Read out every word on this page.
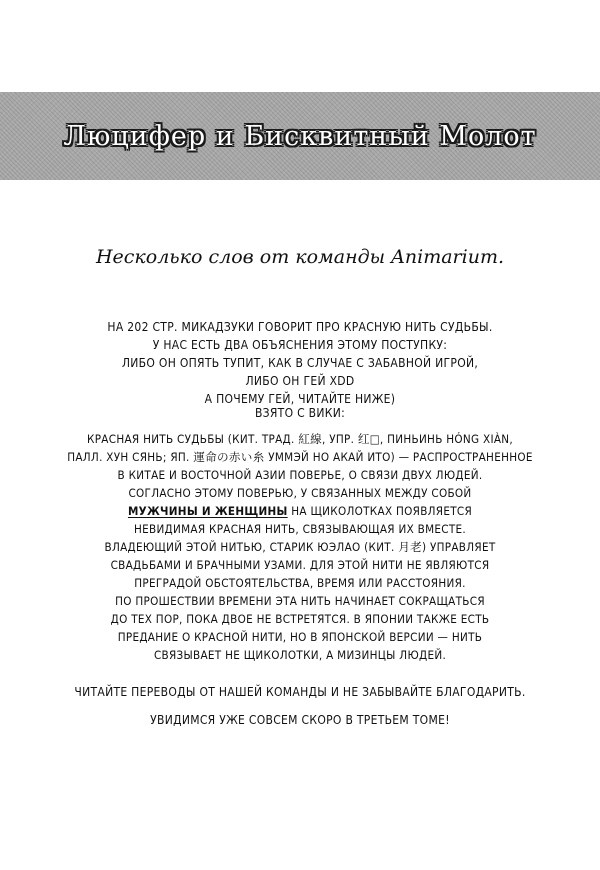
Люцифер и Бисквитный Молот
Несколько слов от команды Animarium.
НА 202 СТР. МИКАДЗУКИ ГОВОРИТ ПРО КРАСНУЮ НИТЬ СУДЬБЫ.
У НАС ЕСТЬ ДВА ОБЪЯСНЕНИЯ ЭТОМУ ПОСТУПКУ:
ЛИБО ОН ОПЯТЬ ТУПИТ, КАК В СЛУЧАЕ С ЗАБАВНОЙ ИГРОЙ,
ЛИБО ОН ГЕЙ XDD
А ПОЧЕМУ ГЕЙ, ЧИТАЙТЕ НИЖЕ)
ВЗЯТО С ВИКИ:
КРАСНАЯ НИТЬ СУДЬБЫ (КИТ. ТРАД. 紅線, УПР. 红□, ПИНЬИНЬ HÓNG XIÀN,
ПАЛЛ. ХУН СЯНЬ; ЯП. 運命の赤い糸 УММЭЙ НО АКАЙ ИТО) — РАСПРОСТРАНЕННОЕ
В КИТАЕ И ВОСТОЧНОЙ АЗИИ ПОВЕРЬЕ, О СВЯЗИ ДВУХ ЛЮДЕЙ.
СОГЛАСНО ЭТОМУ ПОВЕРЬЮ, У СВЯЗАННЫХ МЕЖДУ СОБОЙ
МУЖЧИНЫ И ЖЕНЩИНЫ НА ЩИКОЛОТКАХ ПОЯВЛЯЕТСЯ
НЕВИДИМАЯ КРАСНАЯ НИТЬ, СВЯЗЫВАЮЩАЯ ИХ ВМЕСТЕ.
ВЛАДЕЮЩИЙ ЭТОЙ НИТЬЮ, СТАРИК ЮЭЛАО (КИТ. 月老) УПРАВЛЯЕТ
СВАДЬБАМИ И БРАЧНЫМИ УЗАМИ. ДЛЯ ЭТОЙ НИТИ НЕ ЯВЛЯЮТСЯ
ПРЕГРАДОЙ ОБСТОЯТЕЛЬСТВА, ВРЕМЯ ИЛИ РАССТОЯНИЯ.
ПО ПРОШЕСТВИИ ВРЕМЕНИ ЭТА НИТЬ НАЧИНАЕТ СОКРАЩАТЬСЯ
ДО ТЕХ ПОР, ПОКА ДВОЕ НЕ ВСТРЕТЯТСЯ. В ЯПОНИИ ТАКЖЕ ЕСТЬ
ПРЕДАНИЕ О КРАСНОЙ НИТИ, НО В ЯПОНСКОЙ ВЕРСИИ — НИТЬ
СВЯЗЫВАЕТ НЕ ЩИКОЛОТКИ, А МИЗИНЦЫ ЛЮДЕЙ.
ЧИТАЙТЕ ПЕРЕВОДЫ ОТ НАШЕЙ КОМАНДЫ И НЕ ЗАБЫВАЙТЕ БЛАГОДАРИТЬ.
УВИДИМСЯ УЖЕ СОВСЕМ СКОРО В ТРЕТЬЕМ ТОМЕ!
